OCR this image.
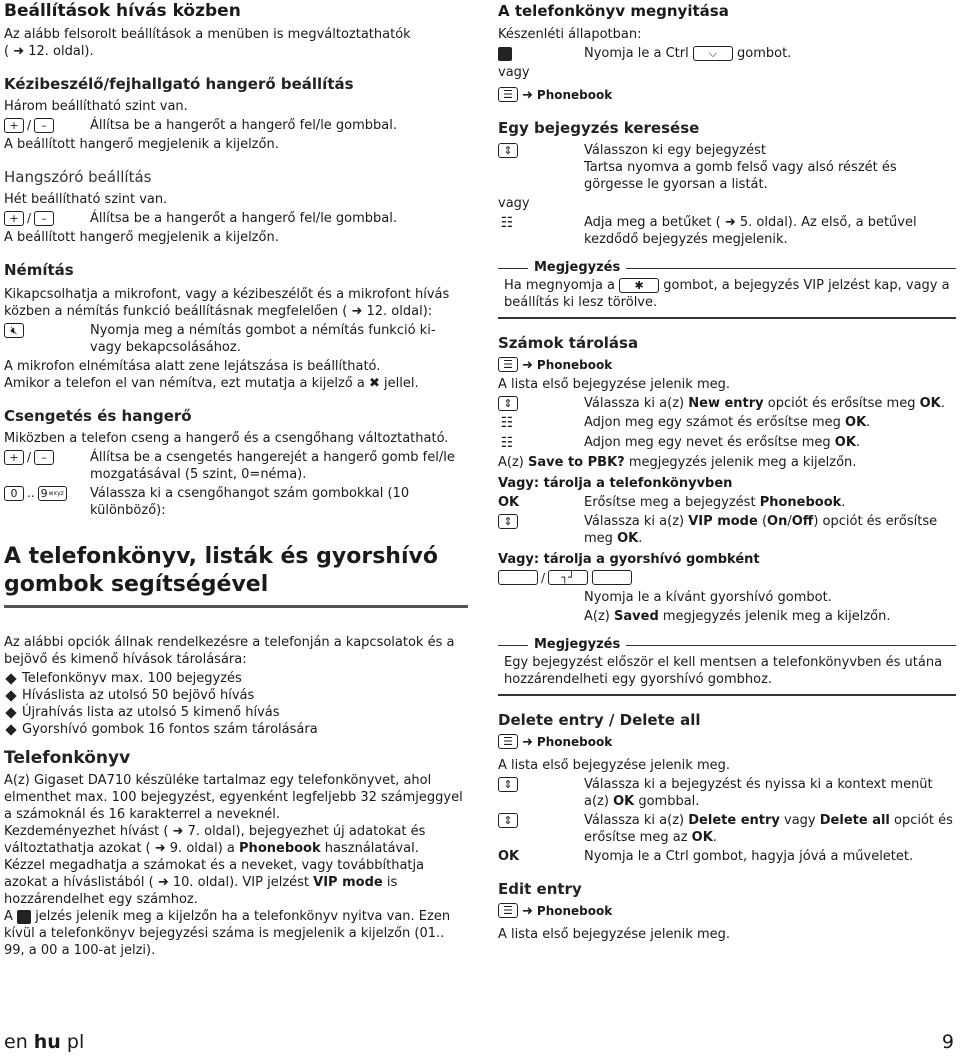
Beállítások hívás közben

Az alább felsorolt beállítások a menüben is megváltoztathatók

( ➜ 12. oldal).

Kézibeszélő/fejhallgató hangerő beállítás

Három beállítható szint van.

+ / –	Állítsa be a hangerőt a hangerő fel/le gombbal.

A beállított hangerő megjelenik a kijelzőn.

Hangszóró beállítás

Hét beállítható szint van.

+ / –	Állítsa be a hangerőt a hangerő fel/le gombbal.

A beállított hangerő megjelenik a kijelzőn.

Némítás

Kikapcsolhatja a mikrofont, vagy a kézibeszélőt és a mikrofont hívás közben a némítás funkció beállításnak megfelelően ( ➜ 12. oldal):

🔇︎	Nyomja meg a némítás gombot a némítás funkció ki- vagy bekapcsolásához.

A mikrofon elnémítása alatt zene lejátszása is beállítható.

Amikor a telefon el van némítva, ezt mutatja a kijelző a ✖ jellel.

Csengetés és hangerő

Miközben a telefon cseng a hangerő és a csengőhang változtatható.

+ / –	Állítsa be a csengetés hangerejét a hangerő gomb fel/le mozgatásával (5 szint, 0=néma).
0 .. 9 wxyz Válassza ki a csengőhangot szám gombokkal (10 különböző):

A telefonkönyv, listák és gyorshívó gombok segítségével

Az alábbi opciók állnak rendelkezésre a telefonján a kapcsolatok és a bejövő és kimenő hívások tárolására:

Telefonkönyv max. 100 bejegyzés
Híváslista az utolsó 50 bejövő hívás
Újrahívás lista az utolsó 5 kimenő hívás
Gyorshívó gombok 16 fontos szám tárolására

Telefonkönyv

A(z) Gigaset DA710 készüléke tartalmaz egy telefonkönyvet, ahol elmenthet max. 100 bejegyzést, egyenként legfeljebb 32 számjeggyel a számoknál és 16 karakterrel a neveknél.

Kezdeményezhet hívást ( ➜ 7. oldal), bejegyezhet új adatokat és változtathatja azokat ( ➜ 9. oldal) a Phonebook használatával.

Kézzel megadhatja a számokat és a neveket, vagy továbbíthatja azokat a híváslistából ( ➜ 10. oldal). VIP jelzést VIP mode is hozzárendelhet egy számhoz.

A jelzés jelenik meg a kijelzőn ha a telefonkönyv nyitva van. Ezen kívül a telefonkönyv bejegyzési száma is megjelenik a kijelzőn (01.. 99, a 00 a 100-at jelzi).

A telefonkönyv megnyitása

Készenléti állapotban:

Nyomja le a Ctrl ⌵ gombot.

vagy

☰ ➜ Phonebook

Egy bejegyzés keresése

⇕	Válasszon ki egy bejegyzést

Tartsa nyomva a gomb felső vagy alsó részét és görgesse le gyorsan a listát.

vagy

☷	Adja meg a betűket ( ➜ 5. oldal). Az első, a betűvel kezdődő bejegyzés megjelenik.
Megjegyzés

Ha megnyomja a ✱ gombot, a bejegyzés VIP jelzést kap, vagy a beállítás ki lesz törölve.

Számok tárolása

☰ ➜ Phonebook

A lista első bejegyzése jelenik meg.

⇕	Válassza ki a(z) New entry opciót és erősítse meg OK.
☷	Adjon meg egy számot és erősítse meg OK.
☷	Adjon meg egy nevet és erősítse meg OK.

A(z) Save to PBK? megjegyzés jelenik meg a kijelzőn.

Vagy: tárolja a telefonkönyvben

OK	Erősítse meg a bejegyzést Phonebook.
⇕	Válassza ki a(z) VIP mode (On/Off) opciót és erősítse meg OK.

Vagy: tárolja a gyorshívó gombként

/	┐┘
Nyomja le a kívánt gyorshívó gombot.
A(z) Saved megjegyzés jelenik meg a kijelzőn.
Megjegyzés

Egy bejegyzést először el kell mentsen a telefonkönyvben és utána hozzárendelheti egy gyorshívó gombhoz.

Delete entry / Delete all

☰ ➜ Phonebook

A lista első bejegyzése jelenik meg.

⇕	Válassza ki a bejegyzést és nyissa ki a kontext menüt a(z) OK gombbal.
⇕	Válassza ki a(z) Delete entry vagy Delete all opciót és erősítse meg az OK.
OK	Nyomja le a Ctrl gombot, hagyja jóvá a műveletet.

Edit entry

☰ ➜ Phonebook

A lista első bejegyzése jelenik meg.

en hu pl	9
